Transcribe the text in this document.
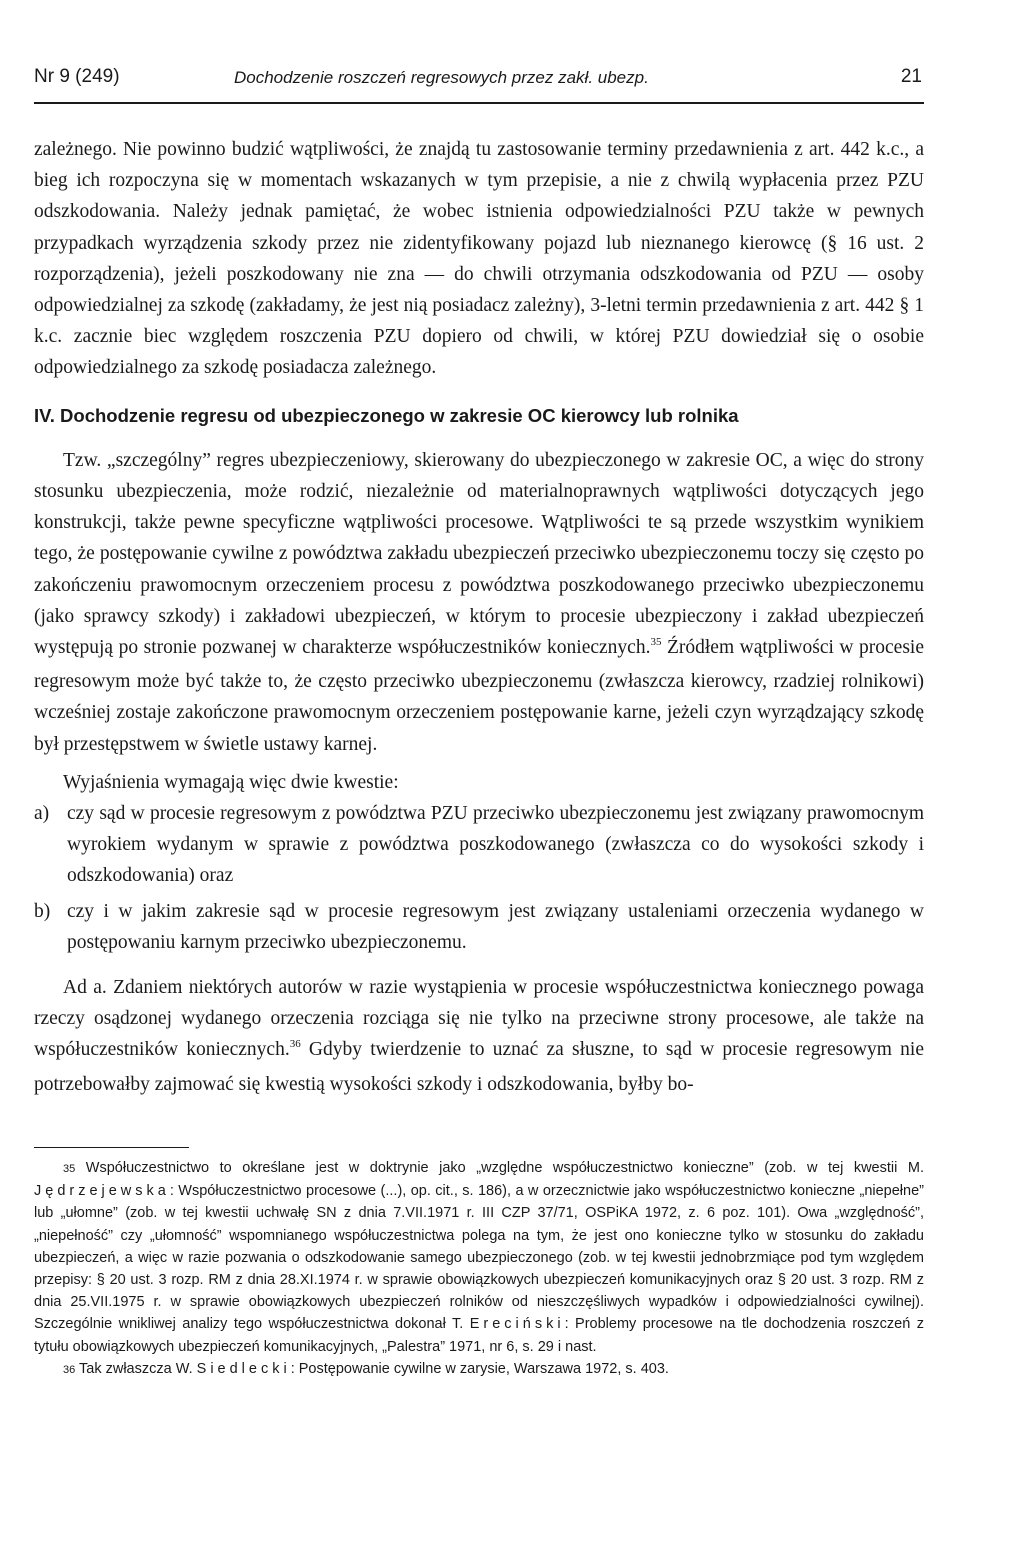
Nr 9 (249)	Dochodzenie roszczeń regresowych przez zakł. ubezp.	21

zależnego. Nie powinno budzić wątpliwości, że znajdą tu zastosowanie terminy przedawnienia z art. 442 k.c., a bieg ich rozpoczyna się w momentach wskazanych w tym przepisie, a nie z chwilą wypłacenia przez PZU odszkodowania. Należy jednak pamiętać, że wobec istnienia odpowiedzialności PZU także w pewnych przypadkach wyrządzenia szkody przez nie zidentyfikowany pojazd lub nieznanego kierowcę (§ 16 ust. 2 rozporządzenia), jeżeli poszkodowany nie zna — do chwili otrzymania odszkodowania od PZU — osoby odpowiedzialnej za szkodę (zakładamy, że jest nią posiadacz zależny), 3-letni termin przedawnienia z art. 442 § 1 k.c. zacznie biec względem roszczenia PZU dopiero od chwili, w której PZU dowiedział się o osobie odpowiedzialnego za szkodę posiadacza zależnego.

IV. Dochodzenie regresu od ubezpieczonego w zakresie OC kierowcy lub rolnika

Tzw. „szczególny” regres ubezpieczeniowy, skierowany do ubezpieczonego w zakresie OC, a więc do strony stosunku ubezpieczenia, może rodzić, niezależnie od materialnoprawnych wątpliwości dotyczących jego konstrukcji, także pewne specyficzne wątpliwości procesowe. Wątpliwości te są przede wszystkim wynikiem tego, że postępowanie cywilne z powództwa zakładu ubezpieczeń przeciwko ubezpieczonemu toczy się często po zakończeniu prawomocnym orzeczeniem procesu z powództwa poszkodowanego przeciwko ubezpieczonemu (jako sprawcy szkody) i zakładowi ubezpieczeń, w którym to procesie ubezpieczony i zakład ubezpieczeń występują po stronie pozwanej w charakterze współuczestników koniecznych.$^{35}$ Źródłem wątpliwości w procesie regresowym może być także to, że często przeciwko ubezpieczonemu (zwłaszcza kierowcy, rzadziej rolnikowi) wcześniej zostaje zakończone prawomocnym orzeczeniem postępowanie karne, jeżeli czyn wyrządzający szkodę był przestępstwem w świetle ustawy karnej.

Wyjaśnienia wymagają więc dwie kwestie:

a) czy sąd w procesie regresowym z powództwa PZU przeciwko ubezpieczonemu jest związany prawomocnym wyrokiem wydanym w sprawie z powództwa poszkodowanego (zwłaszcza co do wysokości szkody i odszkodowania) oraz

b) czy i w jakim zakresie sąd w procesie regresowym jest związany ustaleniami orzeczenia wydanego w postępowaniu karnym przeciwko ubezpieczonemu.

Ad a. Zdaniem niektórych autorów w razie wystąpienia w procesie współuczestnictwa koniecznego powaga rzeczy osądzonej wydanego orzeczenia rozciąga się nie tylko na przeciwne strony procesowe, ale także na współuczestników koniecznych.$^{36}$ Gdyby twierdzenie to uznać za słuszne, to sąd w procesie regresowym nie potrzebowałby zajmować się kwestią wysokości szkody i odszkodowania, byłby bo-

35 Współuczestnictwo to określane jest w doktrynie jako „względne współuczestnictwo konieczne” (zob. w tej kwestii M. Jędrzejewska: Współuczestnictwo procesowe (...), op. cit., s. 186), a w orzecznictwie jako współuczestnictwo konieczne „niepełne” lub „ułomne” (zob. w tej kwestii uchwałę SN z dnia 7.VII.1971 r. III CZP 37/71, OSPiKA 1972, z. 6 poz. 101). Owa „względność”, „niepełność” czy „ułomność” wspomnianego współuczestnictwa polega na tym, że jest ono konieczne tylko w stosunku do zakładu ubezpieczeń, a więc w razie pozwania o odszkodowanie samego ubezpieczonego (zob. w tej kwestii jednobrzmiące pod tym względem przepisy: § 20 ust. 3 rozp. RM z dnia 28.XI.1974 r. w sprawie obowiązkowych ubezpieczeń komunikacyjnych oraz § 20 ust. 3 rozp. RM z dnia 25.VII.1975 r. w sprawie obowiązkowych ubezpieczeń rolników od nieszczęśliwych wypadków i odpowiedzialności cywilnej). Szczególnie wnikliwej analizy tego współuczestnictwa dokonał T. Ereciński: Problemy procesowe na tle dochodzenia roszczeń z tytułu obowiązkowych ubezpieczeń komunikacyjnych, „Palestra” 1971, nr 6, s. 29 i nast.

36 Tak zwłaszcza W. Siedlecki: Postępowanie cywilne w zarysie, Warszawa 1972, s. 403.
